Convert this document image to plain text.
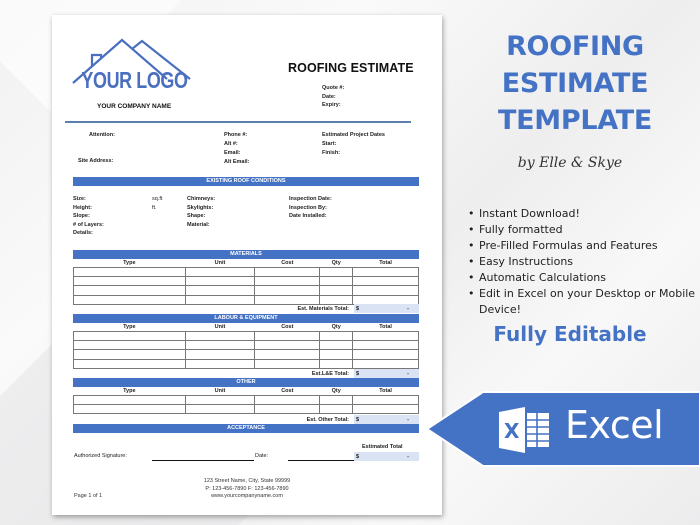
YOUR LOGO
YOUR COMPANY NAME
ROOFING ESTIMATE
Quote #:
Date:
Expiry:
Attention:
Site Address:
Phone #:
Alt #:
Email:
Alt Email:
Estimated Project Dates
Start:
Finish:
EXISTING ROOF CONDITIONS
Size:
Height:
Slope:
# of Layers:
Details:
sq.ft
ft.
Chimneys:
Skylights:
Shape:
Material:
Inspection Date:
Inspection By:
Date Installed:
MATERIALS
Type	Unit	Cost	Qty	Total

Est. Materials Total: $	-
LABOUR & EQUIPMENT
Type	Unit	Cost	Qty	Total

Est.L&E Total: $	-
OTHER
Type	Unit	Cost	Qty	Total

Est. Other Total: $	-
ACCEPTANCE
Estimated Total
Authorized Signature:	Date:	$	-
123 Street Name, City, State 99999
P: 123-456-7890 F: 123-456-7890
www.yourcompanyname.com
Page 1 of 1
ROOFING
ESTIMATE
TEMPLATE
by Elle & Skye
• Instant Download!
• Fully formatted
• Pre-Filled Formulas and Features
• Easy Instructions
• Automatic Calculations
• Edit in Excel on your Desktop or Mobile Device!
Fully Editable
X Excel
